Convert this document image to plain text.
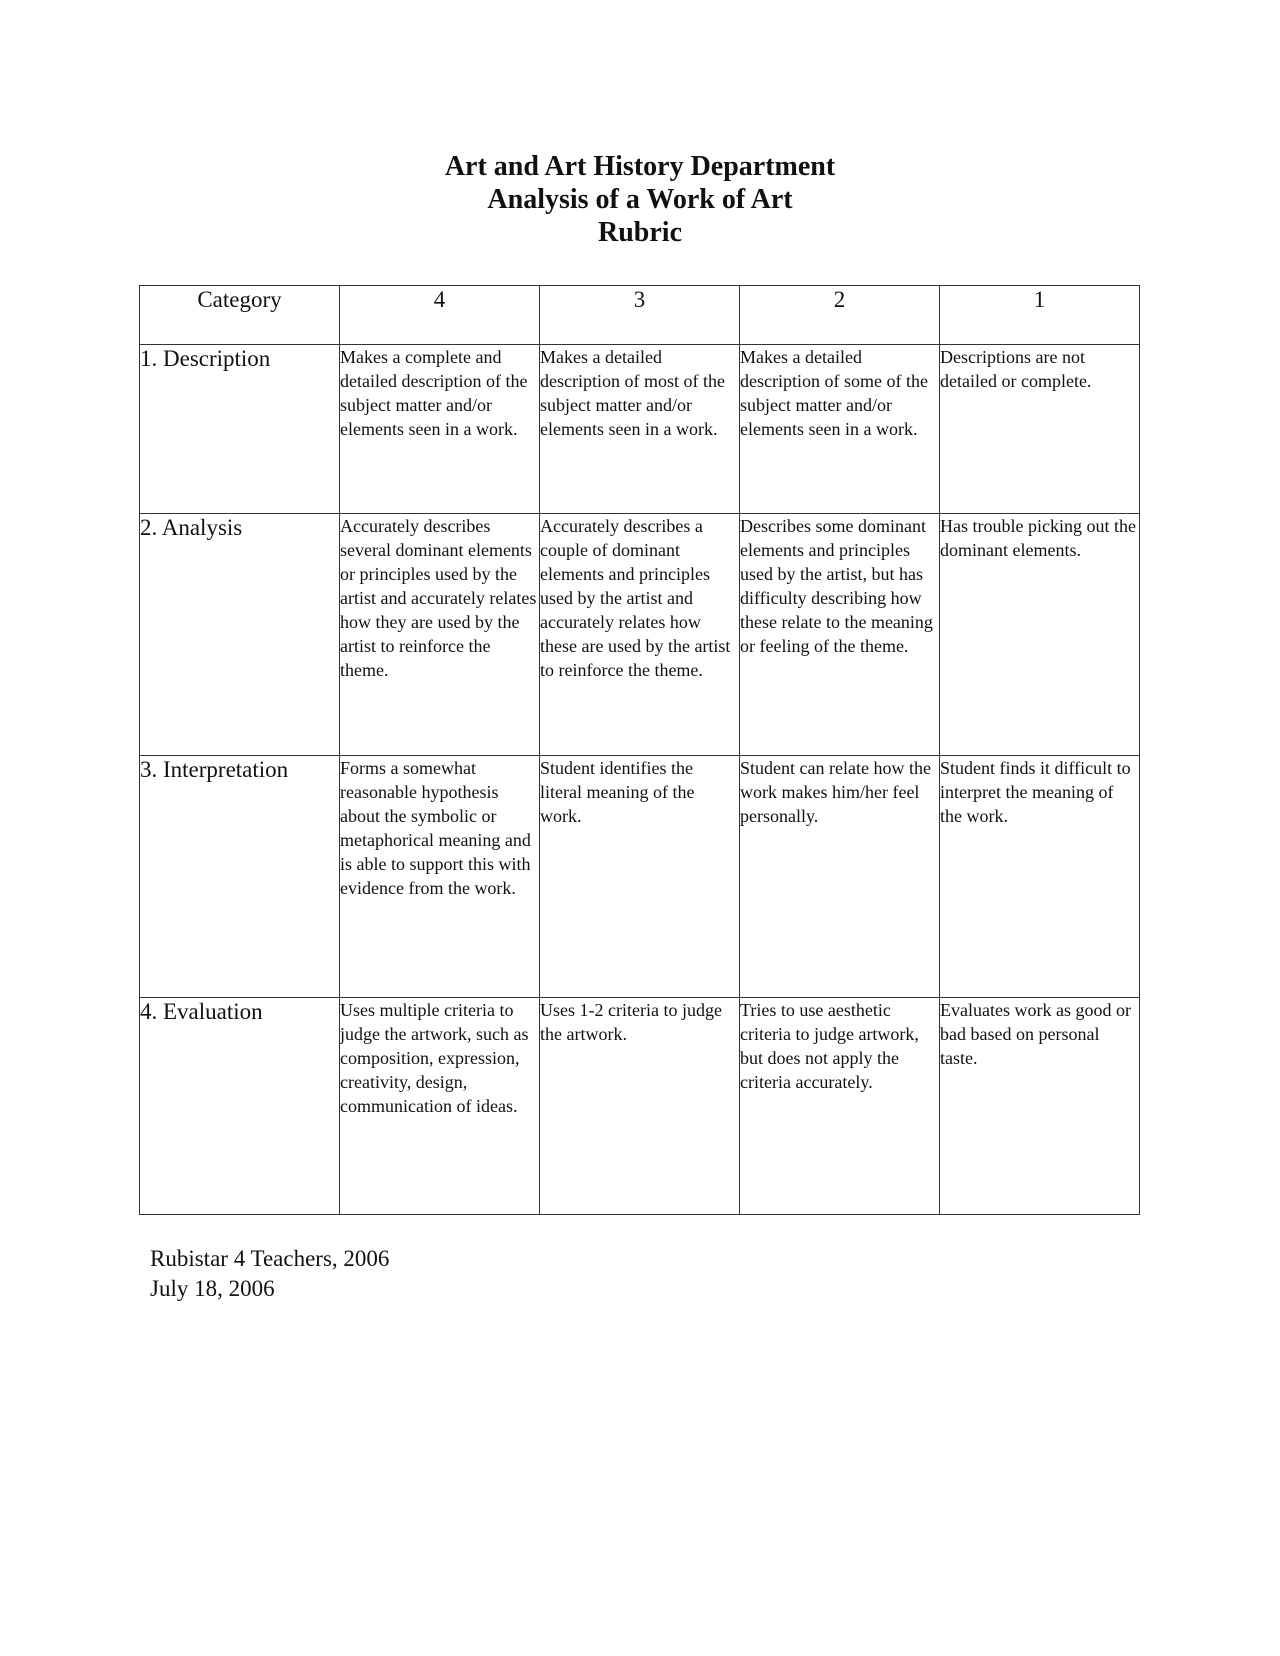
Art and Art History Department
Analysis of a Work of Art
Rubric
Category	4	3	2	1
1. Description	Makes a complete and detailed description of the subject matter and/or elements seen in a work.	Makes a detailed description of most of the subject matter and/or elements seen in a work.	Makes a detailed description of some of the subject matter and/or elements seen in a work.	Descriptions are not detailed or complete.
2. Analysis	Accurately describes several dominant elements or principles used by the artist and accurately relates how they are used by the artist to reinforce the theme.	Accurately describes a couple of dominant elements and principles used by the artist and accurately relates how these are used by the artist to reinforce the theme.	Describes some dominant elements and principles used by the artist, but has difficulty describing how these relate to the meaning or feeling of the theme.	Has trouble picking out the dominant elements.
3. Interpretation	Forms a somewhat reasonable hypothesis about the symbolic or metaphorical meaning and is able to support this with evidence from the work.	Student identifies the literal meaning of the work.	Student can relate how the work makes him/her feel personally.	Student finds it difficult to interpret the meaning of the work.
4. Evaluation	Uses multiple criteria to judge the artwork, such as composition, expression, creativity, design, communication of ideas.	Uses 1-2 criteria to judge the artwork.	Tries to use aesthetic criteria to judge artwork, but does not apply the criteria accurately.	Evaluates work as good or bad based on personal taste.
Rubistar 4 Teachers, 2006
July 18, 2006
